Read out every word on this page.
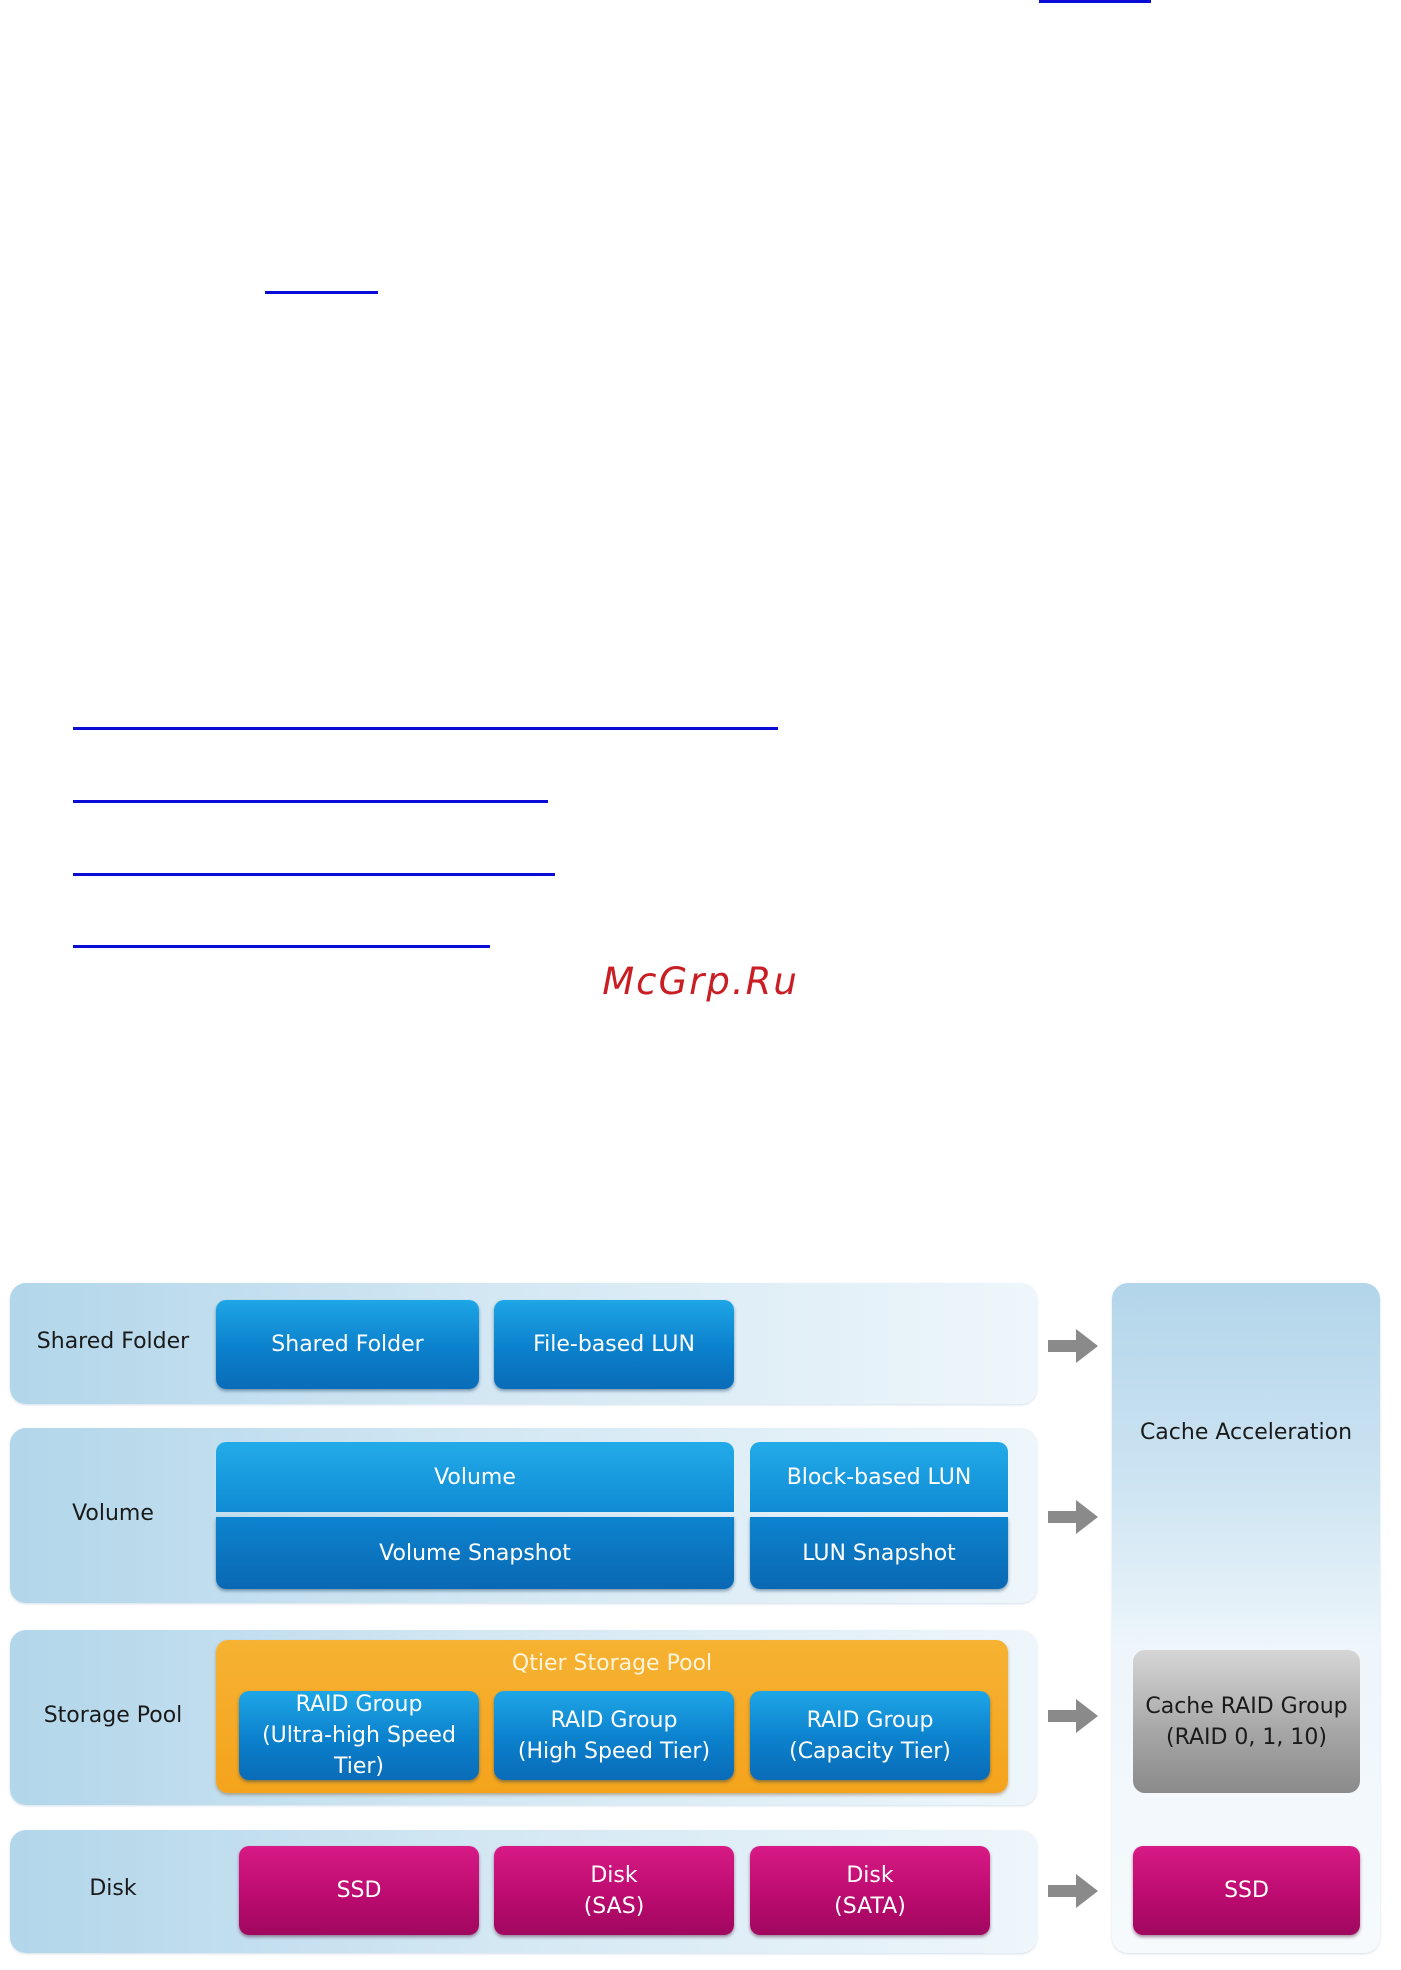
McGrp.Ru
Shared Folder
Volume
Storage Pool
Disk
Shared Folder	File-based LUN
Volume
Volume Snapshot
Block-based LUN
LUN Snapshot
Qtier Storage Pool
RAID Group
(Ultra-high Speed Tier)
RAID Group
(High Speed Tier)
RAID Group
(Capacity Tier)
SSD
Disk
(SAS)
Disk
(SATA)
Cache Acceleration
Cache RAID Group
(RAID 0, 1, 10)
SSD
